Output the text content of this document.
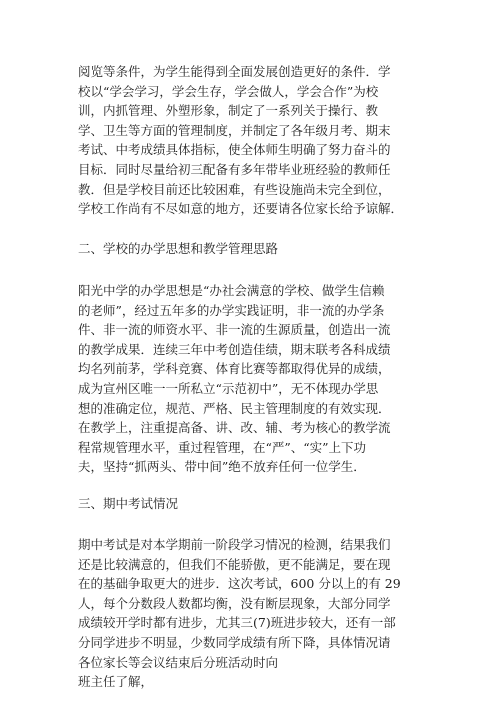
阅览等条件，为学生能得到全面发展创造更好的条件．学
校以“学会学习，学会生存，学会做人，学会合作”为校
训，内抓管理、外塑形象，制定了一系列关于操行、教
学、卫生等方面的管理制度，并制定了各年级月考、期末
考试、中考成绩具体指标，使全体师生明确了努力奋斗的
目标．同时尽量给初三配备有多年带毕业班经验的教师任
教．但是学校目前还比较困难，有些设施尚未完全到位，
学校工作尚有不尽如意的地方，还要请各位家长给予谅解．

二、学校的办学思想和教学管理思路

阳光中学的办学思想是“办社会满意的学校、做学生信赖
的老师”，经过五年多的办学实践证明，非一流的办学条
件、非一流的师资水平、非一流的生源质量，创造出一流
的教学成果．连续三年中考创造佳绩，期末联考各科成绩
均名列前茅，学科竞赛、体育比赛等都取得优异的成绩，
成为宣州区唯一一所私立“示范初中”，无不体现办学思
想的准确定位，规范、严格、民主管理制度的有效实现．
在教学上，注重提高备、讲、改、辅、考为核心的教学流
程常规管理水平，重过程管理，在“严”、“实”上下功
夫，坚持“抓两头、带中间”绝不放弃任何一位学生．

三、期中考试情况

期中考试是对本学期前一阶段学习情况的检测，结果我们
还是比较满意的，但我们不能骄傲，更不能满足，要在现
在的基础争取更大的进步．这次考试，600 分以上的有 29
人，每个分数段人数都均衡，没有断层现象，大部分同学
成绩较开学时都有进步，尤其三(7)班进步较大，还有一部
分同学进步不明显，少数同学成绩有所下降，具体情况请
各位家长等会议结束后分班活动时向

班主任了解，
